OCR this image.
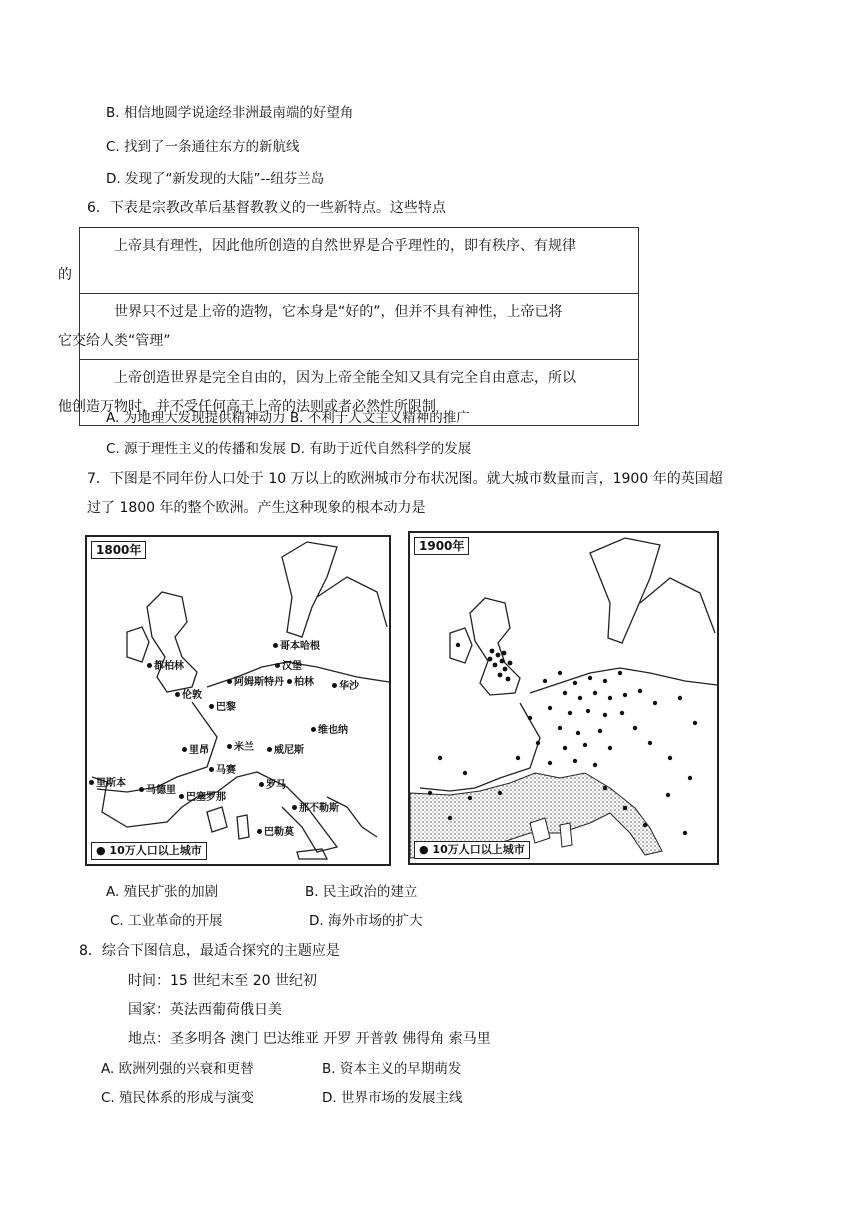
B. 相信地圆学说途经非洲最南端的好望角
C. 找到了一条通往东方的新航线
D. 发现了“新发现的大陆”--纽芬兰岛
6．下表是宗教改革后基督教教义的一些新特点。这些特点
上帝具有理性，因此他所创造的自然世界是合乎理性的，即有秩序、有规律
的
世界只不过是上帝的造物，它本身是“好的”，但并不具有神性，上帝已将
它交给人类“管理”
上帝创造世界是完全自由的，因为上帝全能全知又具有完全自由意志，所以
他创造万物时，并不受任何高于上帝的法则或者必然性所限制
A. 为地理大发现提供精神动力 B. 不利于人文主义精神的推广
C. 源于理性主义的传播和发展 D. 有助于近代自然科学的发展
7．下图是不同年份人口处于 10 万以上的欧洲城市分布状况图。就大城市数量而言，1900 年的英国超
过了 1800 年的整个欧洲。产生这种现象的根本动力是
1800年
都柏林
哥本哈根
伦敦
汉堡
阿姆斯特丹	柏林	华沙
巴黎
维也纳
里昂	米兰	威尼斯
马赛
里斯本
马德里
巴塞罗那
罗马
那不勒斯
巴勒莫
● 10万人口以上城市
1900年
● 10万人口以上城市
A. 殖民扩张的加剧	B. 民主政治的建立
C. 工业革命的开展	D. 海外市场的扩大
8．综合下图信息，最适合探究的主题应是
时间：15 世纪末至 20 世纪初
国家：英法西葡荷俄日美
地点：圣多明各 澳门 巴达维亚 开罗 开普敦 佛得角 索马里
A. 欧洲列强的兴衰和更替	B. 资本主义的早期萌发
C. 殖民体系的形成与演变	D. 世界市场的发展主线
